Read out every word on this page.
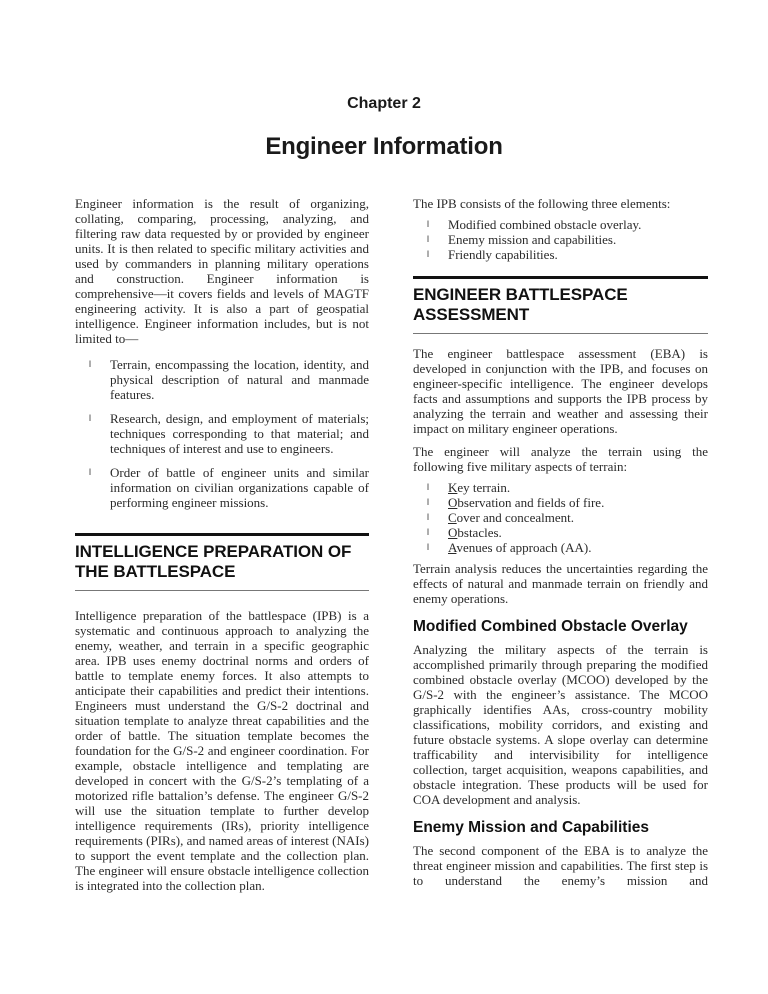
Chapter 2
Engineer Information

Engineer information is the result of organizing, collating, comparing, processing, analyzing, and filtering raw data requested by or provided by engineer units. It is then related to specific military activities and used by commanders in planning military operations and construction. Engineer information is comprehensive—it covers fields and levels of MAGTF engineering activity. It is also a part of geospatial intelligence. Engineer information includes, but is not limited to—

l Terrain, encompassing the location, identity, and physical description of natural and manmade features.
l Research, design, and employment of materials; techniques corresponding to that material; and techniques of interest and use to engineers.
l Order of battle of engineer units and similar information on civilian organizations capable of performing engineer missions.
INTELLIGENCE PREPARATION OF THE BATTLESPACE

Intelligence preparation of the battlespace (IPB) is a systematic and continuous approach to analyzing the enemy, weather, and terrain in a specific geographic area. IPB uses enemy doctrinal norms and orders of battle to template enemy forces. It also attempts to anticipate their capabilities and predict their intentions. Engineers must understand the G/S-2 doctrinal and situation template to analyze threat capabilities and the order of battle. The situation template becomes the foundation for the G/S-2 and engineer coordination. For example, obstacle intelligence and templating are developed in concert with the G/S-2’s templating of a motorized rifle battalion’s defense. The engineer G/S-2 will use the situation template to further develop intelligence requirements (IRs), priority intelligence requirements (PIRs), and named areas of interest (NAIs) to support the event template and the collection plan. The engineer will ensure obstacle intelligence collection is integrated into the collection plan.

The IPB consists of the following three elements:

l Modified combined obstacle overlay.
l Enemy mission and capabilities.
l Friendly capabilities.
ENGINEER BATTLESPACE ASSESSMENT

The engineer battlespace assessment (EBA) is developed in conjunction with the IPB, and focuses on engineer-specific intelligence. The engineer develops facts and assumptions and supports the IPB process by analyzing the terrain and weather and assessing their impact on military engineer operations.

The engineer will analyze the terrain using the following five military aspects of terrain:

l Key terrain.
l Observation and fields of fire.
l Cover and concealment.
l Obstacles.
l Avenues of approach (AA).

Terrain analysis reduces the uncertainties regarding the effects of natural and manmade terrain on friendly and enemy operations.

Modified Combined Obstacle Overlay

Analyzing the military aspects of the terrain is accomplished primarily through preparing the modified combined obstacle overlay (MCOO) developed by the G/S-2 with the engineer’s assistance. The MCOO graphically identifies AAs, cross-country mobility classifications, mobility corridors, and existing and future obstacle systems. A slope overlay can determine trafficability and intervisibility for intelligence collection, target acquisition, weapons capabilities, and obstacle integration. These products will be used for COA development and analysis.

Enemy Mission and Capabilities

The second component of the EBA is to analyze the threat engineer mission and capabilities. The first step is to understand the enemy’s mission and
